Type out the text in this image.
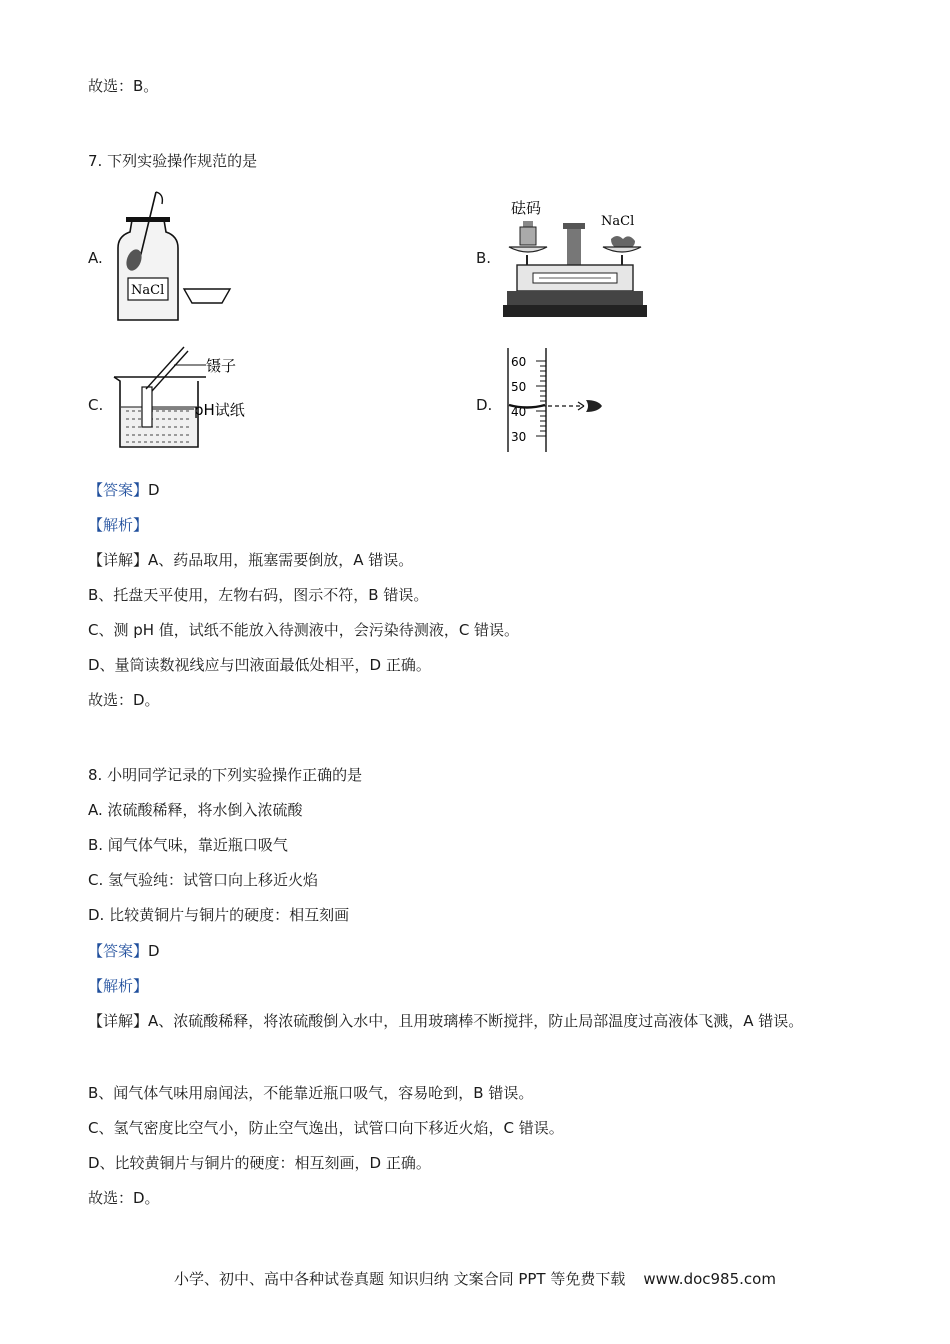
故选：B。
7. 下列实验操作规范的是
A.
NaCl
B.
砝码
NaCl
C.
镊子
pH试纸	D.
60
50
40
30
【答案】D
【解析】
【详解】A、药品取用，瓶塞需要倒放，A 错误。
B、托盘天平使用，左物右码，图示不符，B 错误。
C、测 pH 值，试纸不能放入待测液中，会污染待测液，C 错误。
D、量筒读数视线应与凹液面最低处相平，D 正确。
故选：D。
8. 小明同学记录的下列实验操作正确的是
A. 浓硫酸稀释，将水倒入浓硫酸
B. 闻气体气味，靠近瓶口吸气
C. 氢气验纯：试管口向上移近火焰
D. 比较黄铜片与铜片的硬度：相互刻画
【答案】D
【解析】
【详解】A、浓硫酸稀释，将浓硫酸倒入水中，且用玻璃棒不断搅拌，防止局部温度过高液体飞溅，A 错误。
B、闻气体气味用扇闻法，不能靠近瓶口吸气，容易呛到，B 错误。
C、氢气密度比空气小，防止空气逸出，试管口向下移近火焰，C 错误。
D、比较黄铜片与铜片的硬度：相互刻画，D 正确。
故选：D。
小学、初中、高中各种试卷真题 知识归纳 文案合同 PPT 等免费下载 www.doc985.com
